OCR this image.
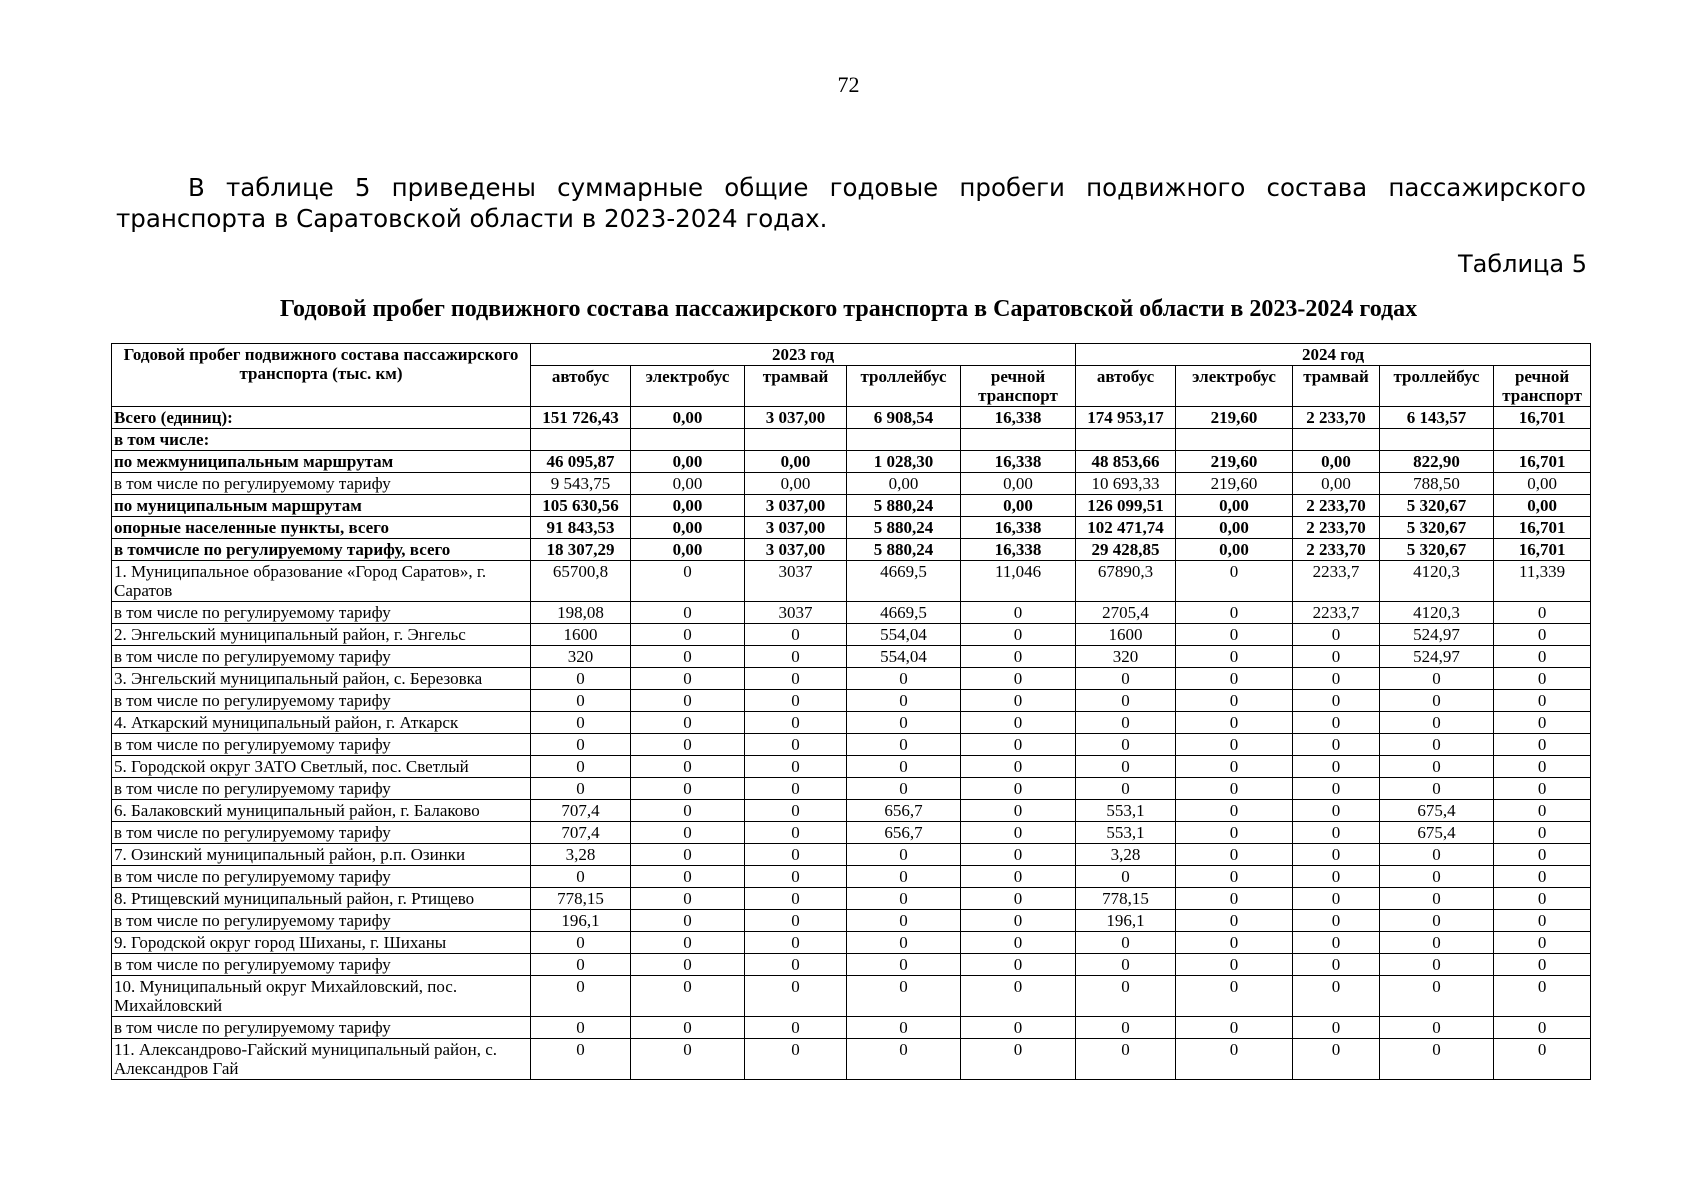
72
В таблице 5 приведены суммарные общие годовые пробеги подвижного состава пассажирского транспорта в Саратовской области в 2023-2024 годах.
Таблица 5
Годовой пробег подвижного состава пассажирского транспорта в Саратовской области в 2023-2024 годах
Годовой пробег подвижного состава пассажирского транспорта (тыс. км)	2023 год					2024 год				
	автобус	электробус	трамвай	троллейбус	речной транспорт	автобус	электробус	трамвай	троллейбус	речной транспорт
Всего (единиц):	151 726,43	0,00	3 037,00	6 908,54	16,338	174 953,17	219,60	2 233,70	6 143,57	16,701
в том числе:										
по межмуниципальным маршрутам	46 095,87	0,00	0,00	1 028,30	16,338	48 853,66	219,60	0,00	822,90	16,701
в том числе по регулируемому тарифу	9 543,75	0,00	0,00	0,00	0,00	10 693,33	219,60	0,00	788,50	0,00
по муниципальным маршрутам	105 630,56	0,00	3 037,00	5 880,24	0,00	126 099,51	0,00	2 233,70	5 320,67	0,00
опорные населенные пункты, всего	91 843,53	0,00	3 037,00	5 880,24	16,338	102 471,74	0,00	2 233,70	5 320,67	16,701
в томчисле по регулируемому тарифу, всего	18 307,29	0,00	3 037,00	5 880,24	16,338	29 428,85	0,00	2 233,70	5 320,67	16,701
1. Муниципальное образование «Город Саратов», г. Саратов	65700,8	0	3037	4669,5	11,046	67890,3	0	2233,7	4120,3	11,339
в том числе по регулируемому тарифу	198,08	0	3037	4669,5	0	2705,4	0	2233,7	4120,3	0
2. Энгельский муниципальный район, г. Энгельс	1600	0	0	554,04	0	1600	0	0	524,97	0
в том числе по регулируемому тарифу	320	0	0	554,04	0	320	0	0	524,97	0
3. Энгельский муниципальный район, с. Березовка	0	0	0	0	0	0	0	0	0	0
в том числе по регулируемому тарифу	0	0	0	0	0	0	0	0	0	0
4. Аткарский муниципальный район, г. Аткарск	0	0	0	0	0	0	0	0	0	0
в том числе по регулируемому тарифу	0	0	0	0	0	0	0	0	0	0
5. Городской округ ЗАТО Светлый, пос. Светлый	0	0	0	0	0	0	0	0	0	0
в том числе по регулируемому тарифу	0	0	0	0	0	0	0	0	0	0
6. Балаковский муниципальный район, г. Балаково	707,4	0	0	656,7	0	553,1	0	0	675,4	0
в том числе по регулируемому тарифу	707,4	0	0	656,7	0	553,1	0	0	675,4	0
7. Озинский муниципальный район, р.п. Озинки	3,28	0	0	0	0	3,28	0	0	0	0
в том числе по регулируемому тарифу	0	0	0	0	0	0	0	0	0	0
8. Ртищевский муниципальный район, г. Ртищево	778,15	0	0	0	0	778,15	0	0	0	0
в том числе по регулируемому тарифу	196,1	0	0	0	0	196,1	0	0	0	0
9. Городской округ город Шиханы, г. Шиханы	0	0	0	0	0	0	0	0	0	0
в том числе по регулируемому тарифу	0	0	0	0	0	0	0	0	0	0
10. Муниципальный округ Михайловский, пос. Михайловский	0	0	0	0	0	0	0	0	0	0
в том числе по регулируемому тарифу	0	0	0	0	0	0	0	0	0	0
11. Александрово-Гайский муниципальный район, с. Александров Гай	0	0	0	0	0	0	0	0	0	0
